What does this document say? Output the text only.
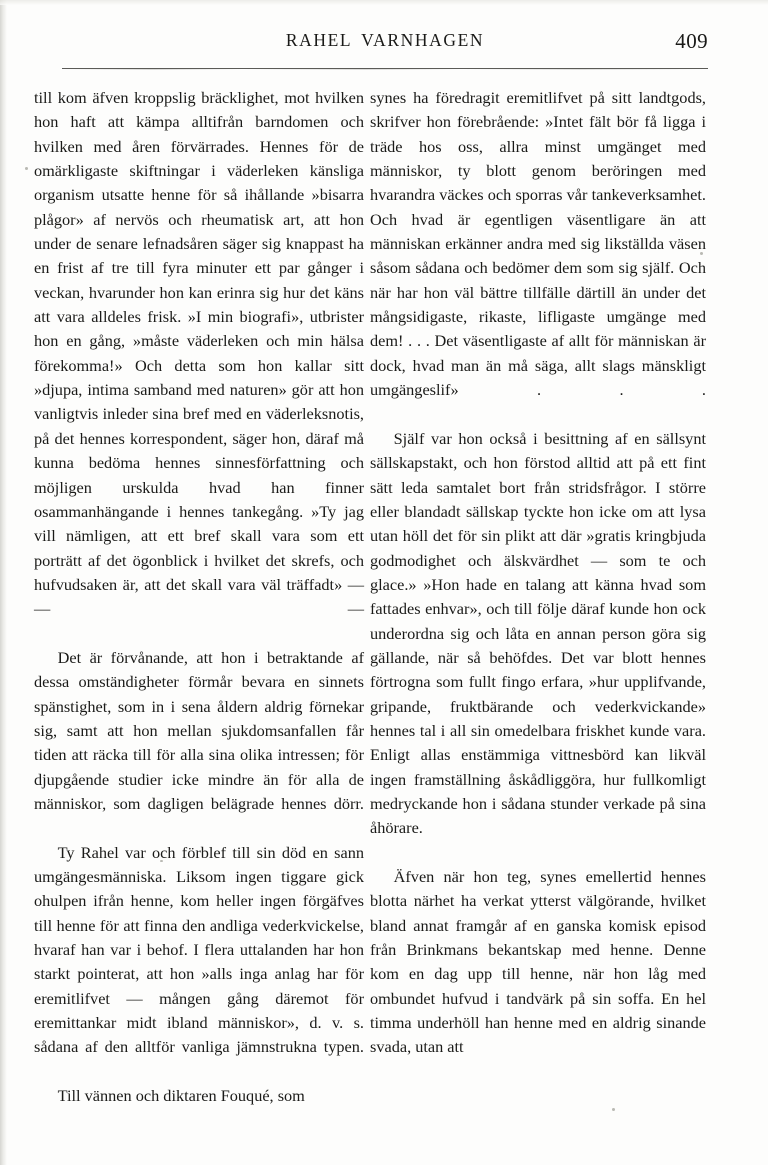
RAHEL VARNHAGEN	409

till kom äfven kroppslig bräcklighet, mot hvilken hon haft att kämpa alltifrån barndomen och hvilken med åren förvärrades. Hennes för de omärkligaste skiftningar i väderleken känsliga organism utsatte henne för så ihållande »bisarra plågor» af nervös och rheumatisk art, att hon under de senare lefnadsåren säger sig knappast ha en frist af tre till fyra minuter ett par gånger i veckan, hvarunder hon kan erinra sig hur det käns att vara alldeles frisk. »I min biografi», utbrister hon en gång, »måste väderleken och min hälsa förekomma!» Och detta som hon kallar sitt »djupa, intima samband med naturen» gör att hon vanligtvis inleder sina bref med en väderleksnotis, på det hennes korrespondent, säger hon, däraf må kunna bedöma hennes sinnesförfattning och möjligen urskulda hvad han finner osammanhängande i hennes tankegång. »Ty jag vill nämligen, att ett bref skall vara som ett porträtt af det ögonblick i hvilket det skrefs, och hufvudsaken är, att det skall vara väl träffadt» — — —

Det är förvånande, att hon i betraktande af dessa omständigheter förmår bevara en sinnets spänstighet, som in i sena åldern aldrig förnekar sig, samt att hon mellan sjukdomsanfallen får tiden att räcka till för alla sina olika intressen; för djupgående studier icke mindre än för alla de människor, som dagligen belägrade hennes dörr.

Ty Rahel var och förblef till sin död en sann umgängesmänniska. Liksom ingen tiggare gick ohulpen ifrån henne, kom heller ingen förgäfves till henne för att finna den andliga vederkvickelse, hvaraf han var i behof. I flera uttalanden har hon starkt pointerat, att hon »alls inga anlag har för eremitlifvet — mången gång däremot för eremittankar midt ibland människor», d. v. s. sådana af den alltför vanliga jämnstrukna typen.

Till vännen och diktaren Fouqué, som

synes ha föredragit eremitlifvet på sitt landtgods, skrifver hon förebrående: »Intet fält bör få ligga i träde hos oss, allra minst umgänget med människor, ty blott genom beröringen med hvarandra väckes och sporras vår tankeverksamhet. Och hvad är egentligen väsentligare än att människan erkänner andra med sig likställda väsen såsom sådana och bedömer dem som sig själf. Och när har hon väl bättre tillfälle därtill än under det mångsidigaste, rikaste, lifligaste umgänge med dem! . . . Det väsentligaste af allt för människan är dock, hvad man än må säga, allt slags mänskligt umgängeslif» . . .

Själf var hon också i besittning af en sällsynt sällskapstakt, och hon förstod alltid att på ett fint sätt leda samtalet bort från stridsfrågor. I större eller blandadt sällskap tyckte hon icke om att lysa utan höll det för sin plikt att där »gratis kringbjuda godmodighet och älskvärdhet — som te och glace.» »Hon hade en talang att känna hvad som fattades enhvar», och till följe däraf kunde hon ock underordna sig och låta en annan person göra sig gällande, när så behöfdes. Det var blott hennes förtrogna som fullt fingo erfara, »hur upplifvande, gripande, fruktbärande och vederkvickande» hennes tal i all sin omedelbara friskhet kunde vara. Enligt allas enstämmiga vittnesbörd kan likväl ingen framställning åskådliggöra, hur fullkomligt medryckande hon i sådana stunder verkade på sina åhörare.

Äfven när hon teg, synes emellertid hennes blotta närhet ha verkat ytterst välgörande, hvilket bland annat framgår af en ganska komisk episod från Brinkmans bekantskap med henne. Denne kom en dag upp till henne, när hon låg med ombundet hufvud i tandvärk på sin soffa. En hel timma underhöll han henne med en aldrig sinande svada, utan att
